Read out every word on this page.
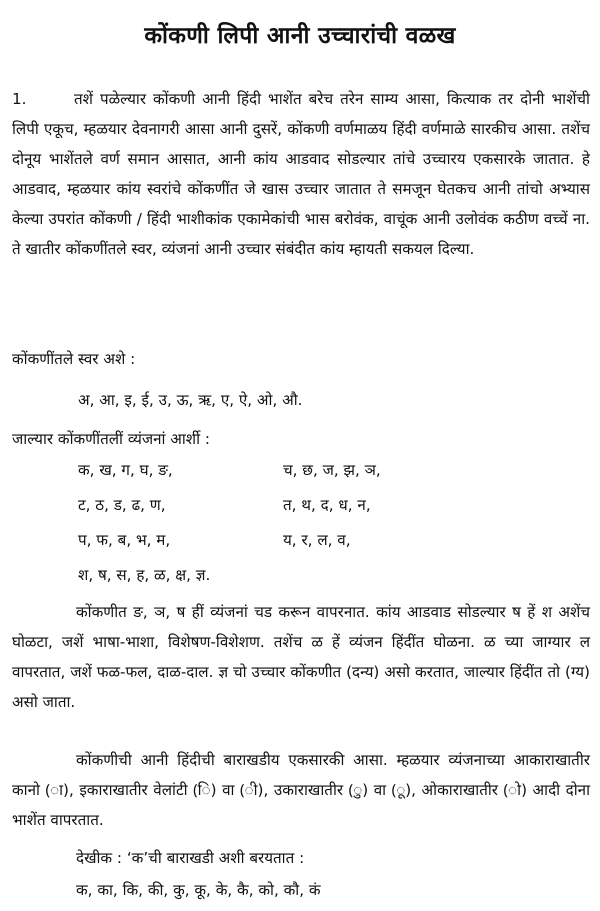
कोंकणी लिपी आनी उच्चारांची वळख
1.	तशें पळेल्यार कोंकणी आनी हिंदी भाशेंत बरेच तरेन साम्य आसा, कित्याक तर दोनी भाशेंची लिपी एकूच, म्हळयार देवनागरी आसा आनी दुसरें, कोंकणी वर्णमाळय हिंदी वर्णमाळे सारकीच आसा. तशेंच दोनूय भाशेंतले वर्ण समान आसात, आनी कांय आडवाद सोडल्यार तांचे उच्चारय एकसारके जातात. हे आडवाद, म्हळयार कांय स्वरांचे कोंकणींत जे खास उच्चार जातात ते समजून घेतकच आनी तांचो अभ्यास केल्या उपरांत कोंकणी / हिंदी भाशीकांक एकामेकांची भास बरोवंक, वाचूंक आनी उलोवंक कठीण वच्चें ना. ते खातीर कोंकणींतले स्वर, व्यंजनां आनी उच्चार संबंदीत कांय म्हायती सकयल दिल्या.
कोंकणींतले स्वर अशे :
अ, आ, इ, ई, उ, ऊ, ऋ, ए, ऐ, ओ, औ.
जाल्यार कोंकणींतलीं व्यंजनां आर्शी :
क, ख, ग, घ, ङ,	च, छ, ज, झ, ञ,
ट, ठ, ड, ढ, ण,	त, थ, द, ध, न,
प, फ, ब, भ, म,	य, र, ल, व,
श, ष, स, ह, ळ, क्ष, ज्ञ.
कोंकणीत ङ, ञ, ष हीं व्यंजनां चड करून वापरनात. कांय आडवाड सोडल्यार ष हें श अशेंच घोळटा, जशें भाषा-भाशा, विशेषण-विशेशण. तशेंच ळ हें व्यंजन हिंदींत घोळना. ळ च्या जाग्यार ल वापरतात, जशें फळ-फल, दाळ-दाल. ज्ञ चो उच्चार कोंकणीत (दन्य) असो करतात, जाल्यार हिंदींत तो (ग्य) असो जाता.
कोंकणीची आनी हिंदीची बाराखडीय एकसारकी आसा. म्हळयार व्यंजनाच्या आकाराखातीर कानो (ा), इकाराखातीर वेलांटी (ि) वा (ी), उकाराखातीर (ु) वा (ू), ओकाराखातीर (ो) आदी दोना भाशेंत वापरतात.
देखीक : ‘क’ची बाराखडी अशी बरयतात :
क, का, कि, की, कु, कू, के, कै, को, कौ, कं
